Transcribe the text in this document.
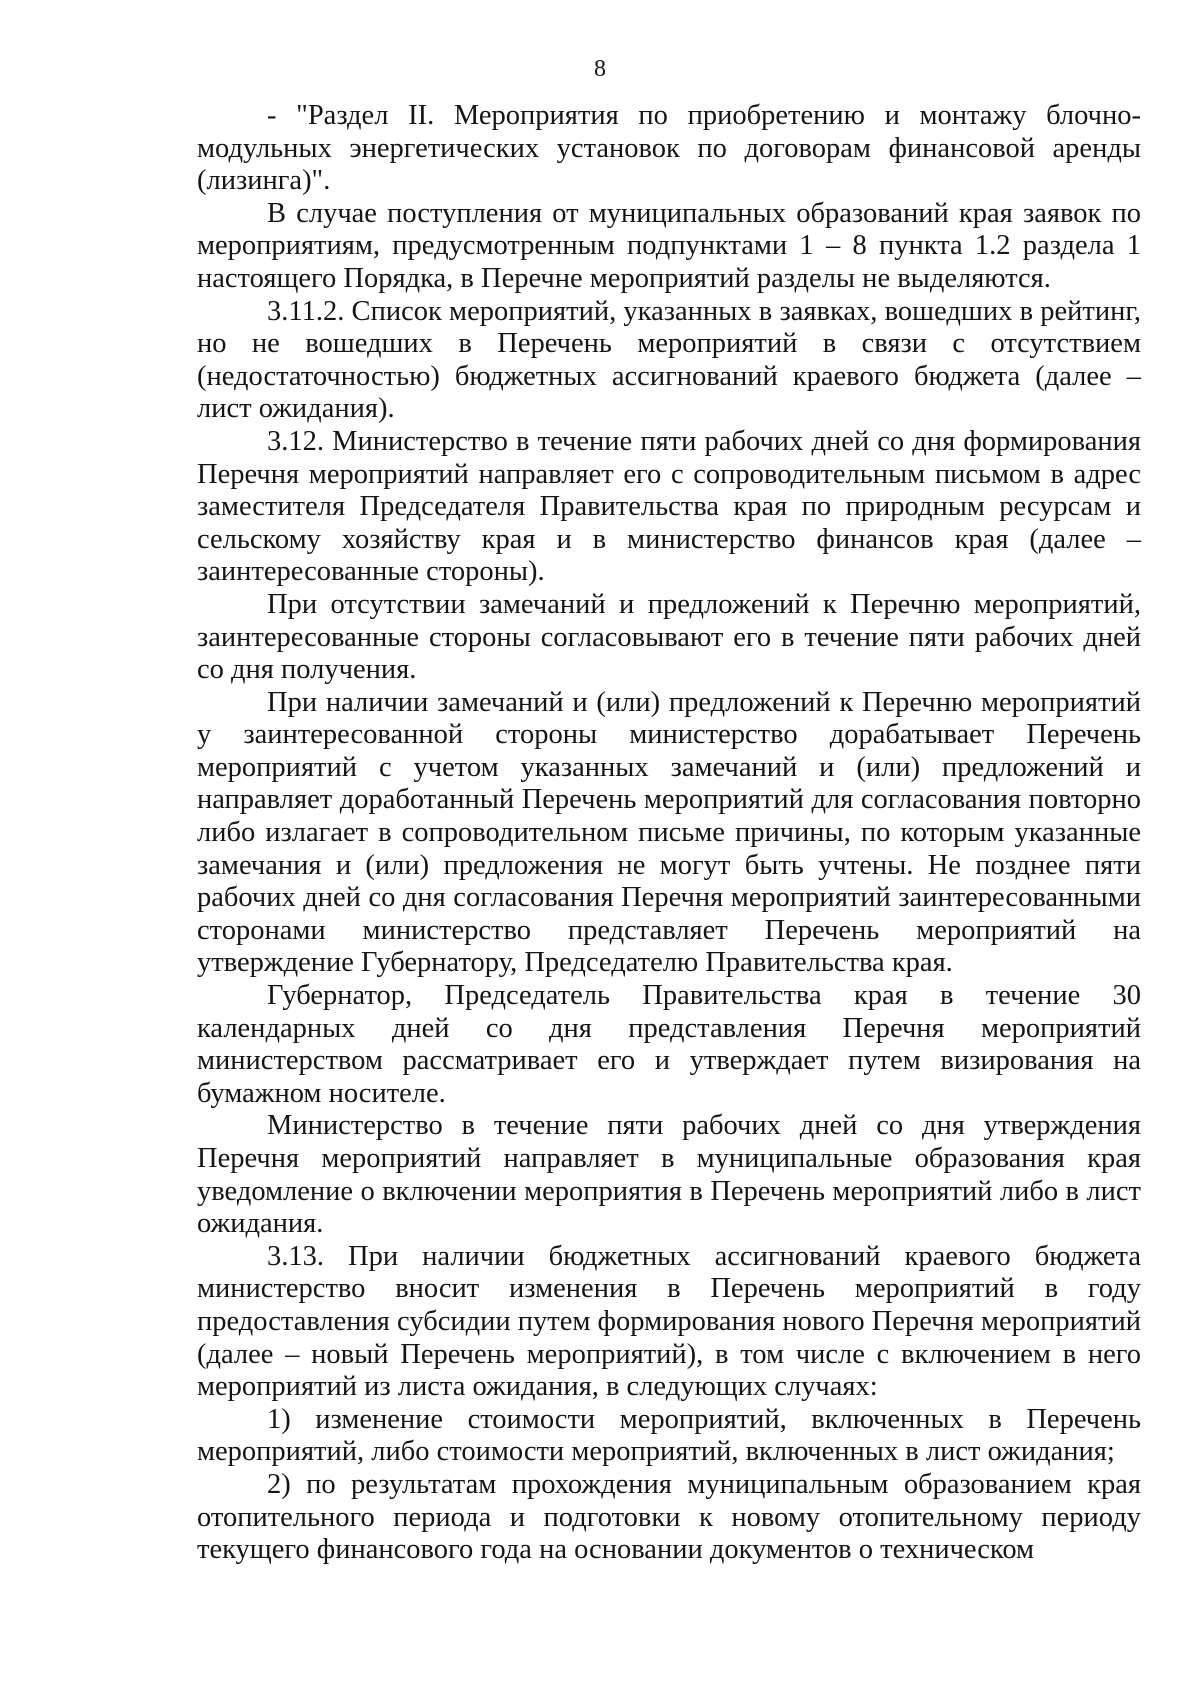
8

- "Раздел II. Мероприятия по приобретению и монтажу блочно-модульных энергетических установок по договорам финансовой аренды (лизинга)".

В случае поступления от муниципальных образований края заявок по мероприятиям, предусмотренным подпунктами 1 – 8 пункта 1.2 раздела 1 настоящего Порядка, в Перечне мероприятий разделы не выделяются.

3.11.2. Список мероприятий, указанных в заявках, вошедших в рейтинг, но не вошедших в Перечень мероприятий в связи с отсутствием (недостаточностью) бюджетных ассигнований краевого бюджета (далее – лист ожидания).

3.12. Министерство в течение пяти рабочих дней со дня формирования Перечня мероприятий направляет его с сопроводительным письмом в адрес заместителя Председателя Правительства края по природным ресурсам и сельскому хозяйству края и в министерство финансов края (далее – заинтересованные стороны).

При отсутствии замечаний и предложений к Перечню мероприятий, заинтересованные стороны согласовывают его в течение пяти рабочих дней со дня получения.

При наличии замечаний и (или) предложений к Перечню мероприятий у заинтересованной стороны министерство дорабатывает Перечень мероприятий с учетом указанных замечаний и (или) предложений и направляет доработанный Перечень мероприятий для согласования повторно либо излагает в сопроводительном письме причины, по которым указанные замечания и (или) предложения не могут быть учтены. Не позднее пяти рабочих дней со дня согласования Перечня мероприятий заинтересованными сторонами министерство представляет Перечень мероприятий на утверждение Губернатору, Председателю Правительства края.

Губернатор, Председатель Правительства края в течение 30 календарных дней со дня представления Перечня мероприятий министерством рассматривает его и утверждает путем визирования на бумажном носителе.

Министерство в течение пяти рабочих дней со дня утверждения Перечня мероприятий направляет в муниципальные образования края уведомление о включении мероприятия в Перечень мероприятий либо в лист ожидания.

3.13. При наличии бюджетных ассигнований краевого бюджета министерство вносит изменения в Перечень мероприятий в году предоставления субсидии путем формирования нового Перечня мероприятий (далее – новый Перечень мероприятий), в том числе с включением в него мероприятий из листа ожидания, в следующих случаях:

1) изменение стоимости мероприятий, включенных в Перечень мероприятий, либо стоимости мероприятий, включенных в лист ожидания;

2) по результатам прохождения муниципальным образованием края отопительного периода и подготовки к новому отопительному периоду текущего финансового года на основании документов о техническом
